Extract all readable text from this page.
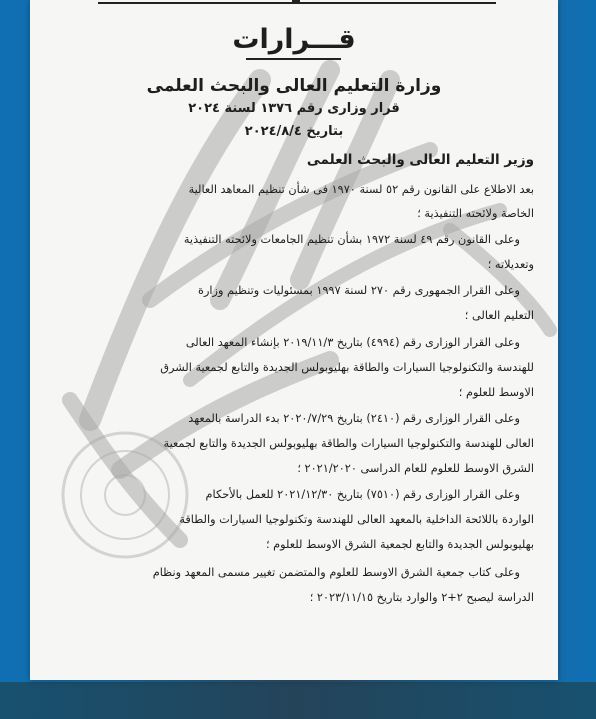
قـــرارات
وزارة التعليم العالى والبحث العلمى
قرار وزارى رقم ١٣٧٦ لسنة ٢٠٢٤
بتاريخ ٢٠٢٤/٨/٤
وزير التعليم العالى والبحث العلمى
بعد الاطلاع على القانون رقم ٥٢ لسنة ١٩٧٠ فى شأن تنظيم المعاهد العالية
الخاصة ولائحته التنفيذية ؛
وعلى القانون رقم ٤٩ لسنة ١٩٧٢ بشأن تنظيم الجامعات ولائحته التنفيذية
وتعديلاته ؛
وعلى القرار الجمهورى رقم ٢٧٠ لسنة ١٩٩٧ بمسئوليات وتنظيم وزارة
التعليم العالى ؛
وعلى القرار الوزارى رقم (٤٩٩٤) بتاريخ ٢٠١٩/١١/٣ بإنشاء المعهد العالى
للهندسة والتكنولوجيا السيارات والطاقة بهليوبولس الجديدة والتابع لجمعية الشرق
الاوسط للعلوم ؛
وعلى القرار الوزارى رقم (٢٤١٠) بتاريخ ٢٠٢٠/٧/٢٩ بدء الدراسة بالمعهد
العالى للهندسة والتكنولوجيا السيارات والطاقة بهليوبولس الجديدة والتابع لجمعية
الشرق الاوسط للعلوم للعام الدراسى ٢٠٢١/٢٠٢٠ ؛
وعلى القرار الوزارى رقم (٧٥١٠) بتاريخ ٢٠٢١/١٢/٣٠ للعمل بالأحكام
الواردة باللائحة الداخلية بالمعهد العالى للهندسة وتكنولوجيا السيارات والطاقة
بهليوبولس الجديدة والتابع لجمعية الشرق الاوسط للعلوم ؛
وعلى كتاب جمعية الشرق الاوسط للعلوم والمتضمن تغيير مسمى المعهد ونظام
الدراسة ليصبح ٢+٢ والوارد بتاريخ ٢٠٢٣/١١/١٥ ؛
